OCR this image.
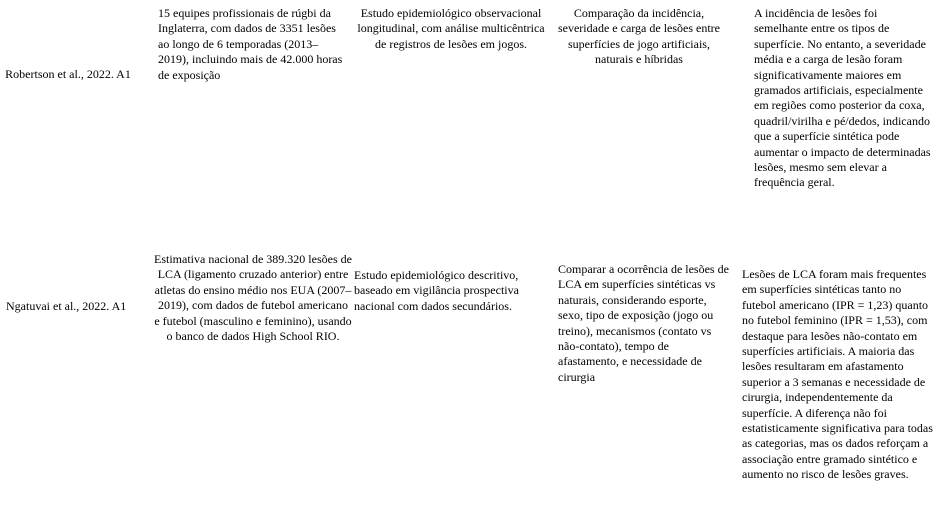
Robertson et al., 2022. A1

15 equipes profissionais de rúgbi da Inglaterra, com dados de 3351 lesões ao longo de 6 temporadas (2013–2019), incluindo mais de 42.000 horas de exposição

Estudo epidemiológico observacional longitudinal, com análise multicêntrica de registros de lesões em jogos.

Comparação da incidência, severidade e carga de lesões entre superfícies de jogo artificiais, naturais e híbridas

A incidência de lesões foi semelhante entre os tipos de superfície. No entanto, a severidade média e a carga de lesão foram significativamente maiores em gramados artificiais, especialmente em regiões como posterior da coxa, quadril/virilha e pé/dedos, indicando que a superfície sintética pode aumentar o impacto de determinadas lesões, mesmo sem elevar a frequência geral.

Ngatuvai et al., 2022. A1

Estimativa nacional de 389.320 lesões de LCA (ligamento cruzado anterior) entre atletas do ensino médio nos EUA (2007–2019), com dados de futebol americano e futebol (masculino e feminino), usando o banco de dados High School RIO.

Estudo epidemiológico descritivo, baseado em vigilância prospectiva nacional com dados secundários.

Comparar a ocorrência de lesões de LCA em superfícies sintéticas vs naturais, considerando esporte, sexo, tipo de exposição (jogo ou treino), mecanismos (contato vs não-contato), tempo de afastamento, e necessidade de cirurgia

Lesões de LCA foram mais frequentes em superfícies sintéticas tanto no futebol americano (IPR = 1,23) quanto no futebol feminino (IPR = 1,53), com destaque para lesões não-contato em superfícies artificiais. A maioria das lesões resultaram em afastamento superior a 3 semanas e necessidade de cirurgia, independentemente da superfície. A diferença não foi estatisticamente significativa para todas as categorias, mas os dados reforçam a associação entre gramado sintético e aumento no risco de lesões graves.
